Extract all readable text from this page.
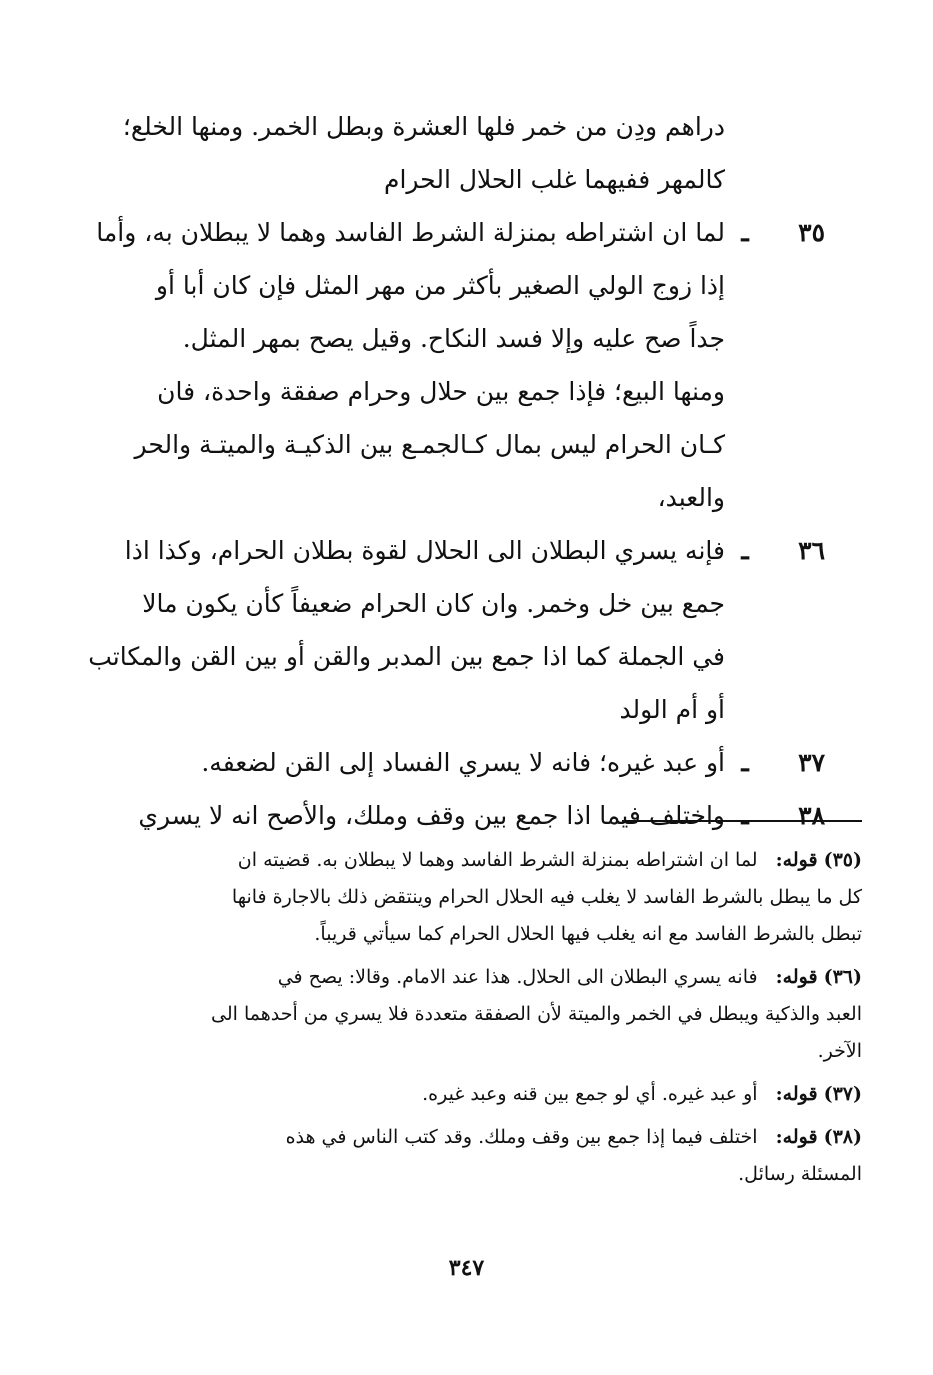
دراهم ودِن من خمر فلها العشرة وبطل الخمر. ومنها الخلع؛
كالمهر ففيهما غلب الحلال الحرام
٣٥
ـ
لما ان اشتراطه بمنزلة الشرط الفاسد وهما لا يبطلان به، وأما
إذا زوج الولي الصغير بأكثر من مهر المثل فإن كان أبا أو
جداً صح عليه وإلا فسد النكاح. وقيل يصح بمهر المثل.
ومنها البيع؛ فإذا جمع بين حلال وحرام صفقة واحدة، فان
كـان الحرام ليس بمال كـالجمـع بين الذكيـة والميتـة والحر
والعبد،
٣٦
ـ
فإنه يسري البطلان الى الحلال لقوة بطلان الحرام، وكذا اذا
جمع بين خل وخمر. وان كان الحرام ضعيفاً كأن يكون مالا
في الجملة كما اذا جمع بين المدبر والقن أو بين القن والمكاتب
أو أم الولد
٣٧
ـ
أو عبد غيره؛ فانه لا يسري الفساد إلى القن لضعفه.
٣٨
ـ
واختلف فيما اذا جمع بين وقف وملك، والأصح انه لا يسري
(٣٥) قوله: لما ان اشتراطه بمنزلة الشرط الفاسد وهما لا يبطلان به. قضيته ان
كل ما يبطل بالشرط الفاسد لا يغلب فيه الحلال الحرام وينتقض ذلك بالاجارة فانها
تبطل بالشرط الفاسد مع انه يغلب فيها الحلال الحرام كما سيأتي قريباً.
(٣٦) قوله: فانه يسري البطلان الى الحلال. هذا عند الامام. وقالا: يصح في
العبد والذكية ويبطل في الخمر والميتة لأن الصفقة متعددة فلا يسري من أحدهما الى
الآخر.
(٣٧) قوله: أو عبد غيره. أي لو جمع بين قنه وعبد غيره.
(٣٨) قوله: اختلف فيما إذا جمع بين وقف وملك. وقد كتب الناس في هذه
المسئلة رسائل.
٣٤٧
